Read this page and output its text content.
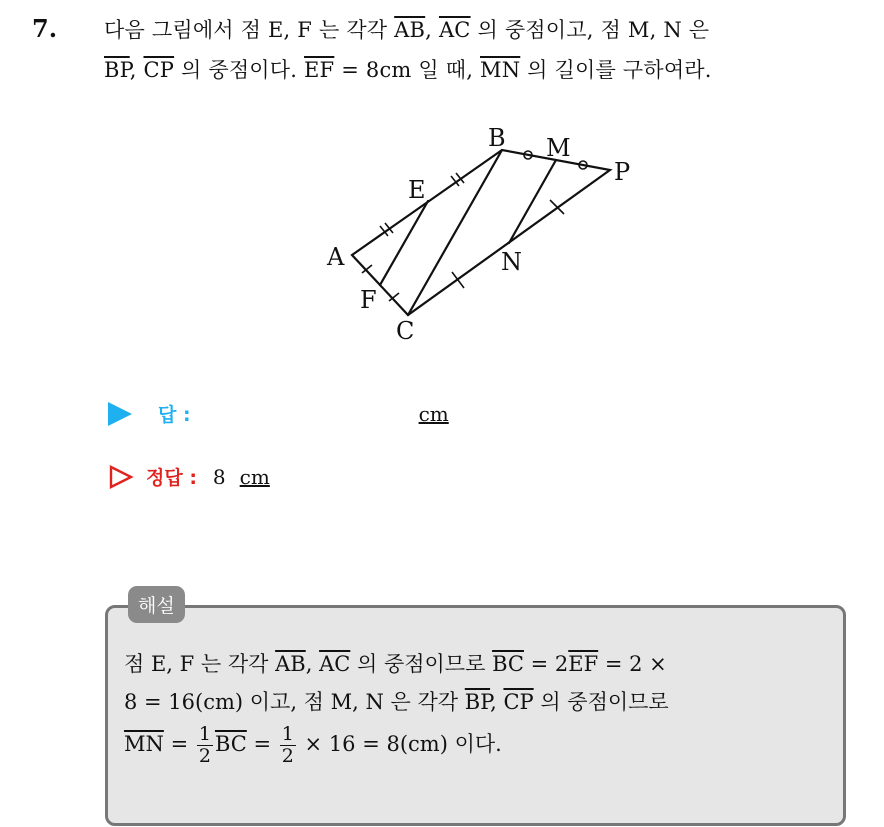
7. 다음 그림에서 점 E, F 는 각각 $\overline{AB}$, $\overline{AC}$ 의 중점이고, 점 M, N 은
$\overline{BP}$, $\overline{CP}$ 의 중점이다. $\overline{EF} = 8cm$ 일 때, $\overline{MN}$ 의 길이를 구하여라.
A
B
C
E
F
M
N
P
답 :	cm
정답 : 8 cm
해설
점 E, F 는 각각 $\overline{AB}$, $\overline{AC}$ 의 중점이므로 $\overline{BC} = 2\overline{EF} = 2$ ×
8 = 16(cm) 이고, 점 M, N 은 각각 $\overline{BP}$, $\overline{CP}$ 의 중점이므로
$\overline{MN} = \frac{1}{2} \overline{BC} = \frac{1}{2} \times 16 = 8(cm)$ 이다.
